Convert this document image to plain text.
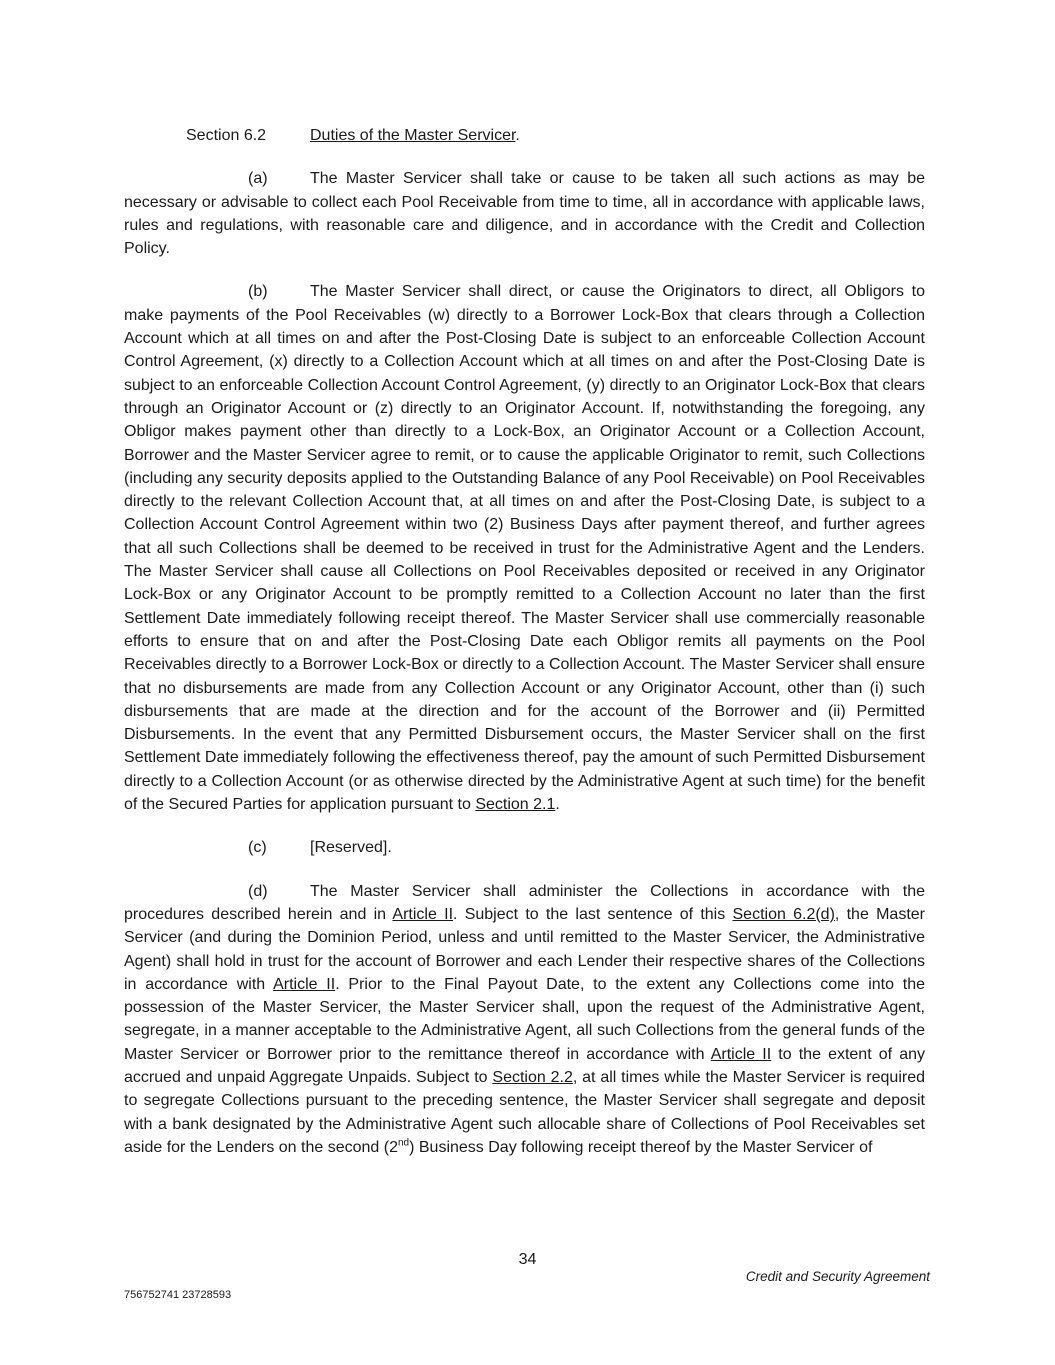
Section 6.2	Duties of the Master Servicer.

(a)	The Master Servicer shall take or cause to be taken all such actions as may be necessary or advisable to collect each Pool Receivable from time to time, all in accordance with applicable laws, rules and regulations, with reasonable care and diligence, and in accordance with the Credit and Collection Policy.

(b)	The Master Servicer shall direct, or cause the Originators to direct, all Obligors to make payments of the Pool Receivables (w) directly to a Borrower Lock-Box that clears through a Collection Account which at all times on and after the Post-Closing Date is subject to an enforceable Collection Account Control Agreement, (x) directly to a Collection Account which at all times on and after the Post-Closing Date is subject to an enforceable Collection Account Control Agreement, (y) directly to an Originator Lock-Box that clears through an Originator Account or (z) directly to an Originator Account. If, notwithstanding the foregoing, any Obligor makes payment other than directly to a Lock-Box, an Originator Account or a Collection Account, Borrower and the Master Servicer agree to remit, or to cause the applicable Originator to remit, such Collections (including any security deposits applied to the Outstanding Balance of any Pool Receivable) on Pool Receivables directly to the relevant Collection Account that, at all times on and after the Post-Closing Date, is subject to a Collection Account Control Agreement within two (2) Business Days after payment thereof, and further agrees that all such Collections shall be deemed to be received in trust for the Administrative Agent and the Lenders. The Master Servicer shall cause all Collections on Pool Receivables deposited or received in any Originator Lock-Box or any Originator Account to be promptly remitted to a Collection Account no later than the first Settlement Date immediately following receipt thereof. The Master Servicer shall use commercially reasonable efforts to ensure that on and after the Post-Closing Date each Obligor remits all payments on the Pool Receivables directly to a Borrower Lock-Box or directly to a Collection Account. The Master Servicer shall ensure that no disbursements are made from any Collection Account or any Originator Account, other than (i) such disbursements that are made at the direction and for the account of the Borrower and (ii) Permitted Disbursements. In the event that any Permitted Disbursement occurs, the Master Servicer shall on the first Settlement Date immediately following the effectiveness thereof, pay the amount of such Permitted Disbursement directly to a Collection Account (or as otherwise directed by the Administrative Agent at such time) for the benefit of the Secured Parties for application pursuant to Section 2.1.

(c)	[Reserved].

(d)	The Master Servicer shall administer the Collections in accordance with the procedures described herein and in Article II. Subject to the last sentence of this Section 6.2(d), the Master Servicer (and during the Dominion Period, unless and until remitted to the Master Servicer, the Administrative Agent) shall hold in trust for the account of Borrower and each Lender their respective shares of the Collections in accordance with Article II. Prior to the Final Payout Date, to the extent any Collections come into the possession of the Master Servicer, the Master Servicer shall, upon the request of the Administrative Agent, segregate, in a manner acceptable to the Administrative Agent, all such Collections from the general funds of the Master Servicer or Borrower prior to the remittance thereof in accordance with Article II to the extent of any accrued and unpaid Aggregate Unpaids. Subject to Section 2.2, at all times while the Master Servicer is required to segregate Collections pursuant to the preceding sentence, the Master Servicer shall segregate and deposit with a bank designated by the Administrative Agent such allocable share of Collections of Pool Receivables set aside for the Lenders on the second (2nd) Business Day following receipt thereof by the Master Servicer of

34
Credit and Security Agreement
756752741 23728593
